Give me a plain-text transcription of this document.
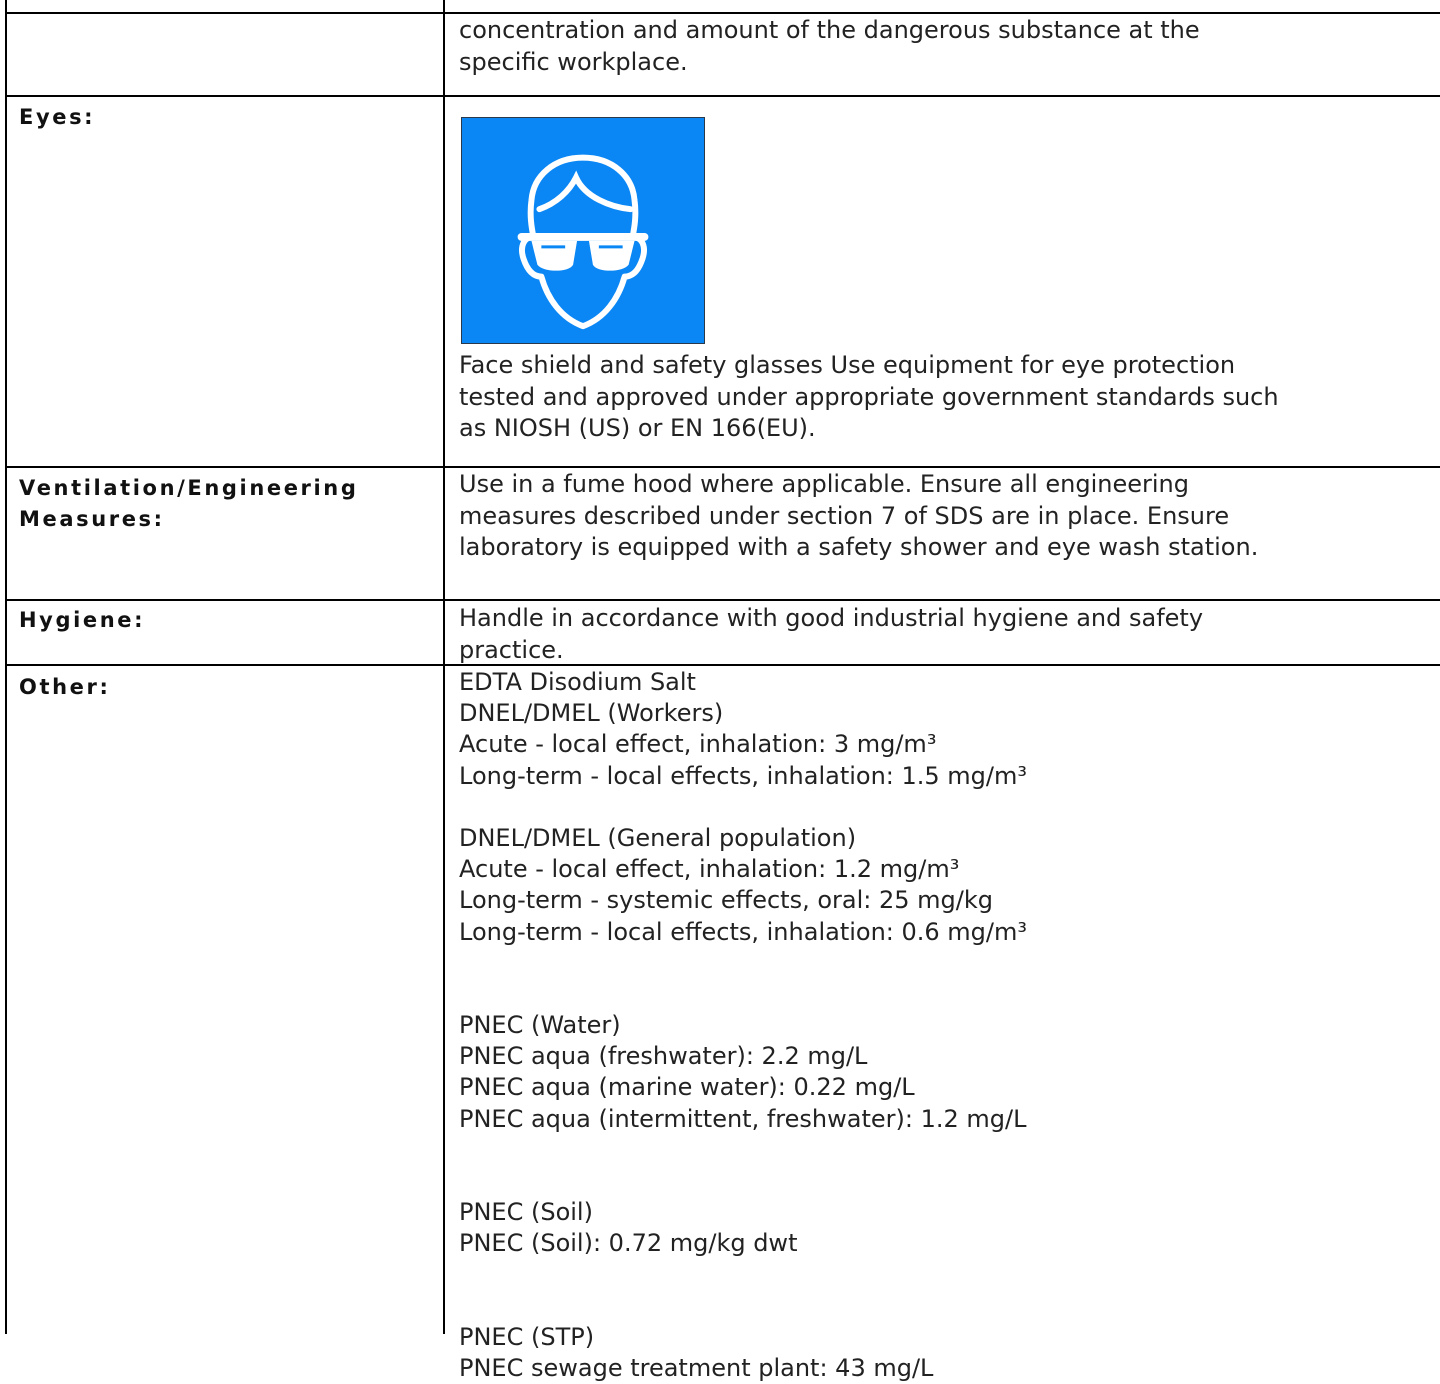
concentration and amount of the dangerous substance at the
specific workplace.
Eyes:
Face shield and safety glasses Use equipment for eye protection
tested and approved under appropriate government standards such
as NIOSH (US) or EN 166(EU).
Ventilation/Engineering
Measures:
Use in a fume hood where applicable. Ensure all engineering
measures described under section 7 of SDS are in place. Ensure
laboratory is equipped with a safety shower and eye wash station.
Hygiene:	Handle in accordance with good industrial hygiene and safety
practice.
Other:	EDTA Disodium Salt
DNEL/DMEL (Workers)
Acute - local effect, inhalation: 3 mg/m³
Long-term - local effects, inhalation: 1.5 mg/m³
DNEL/DMEL (General population)
Acute - local effect, inhalation: 1.2 mg/m³
Long-term - systemic effects, oral: 25 mg/kg
Long-term - local effects, inhalation: 0.6 mg/m³
PNEC (Water)
PNEC aqua (freshwater): 2.2 mg/L
PNEC aqua (marine water): 0.22 mg/L
PNEC aqua (intermittent, freshwater): 1.2 mg/L
PNEC (Soil)
PNEC (Soil): 0.72 mg/kg dwt
PNEC (STP)
PNEC sewage treatment plant: 43 mg/L
